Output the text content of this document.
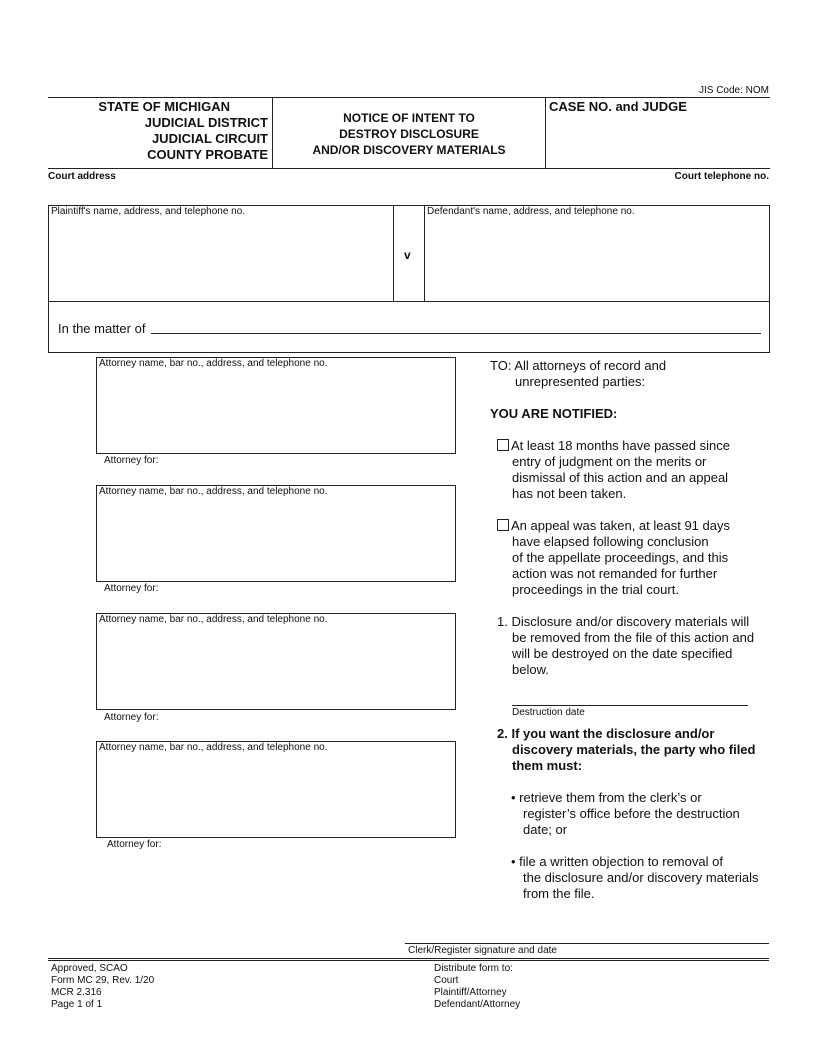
JIS Code: NOM
STATE OF MICHIGAN
JUDICIAL DISTRICT
JUDICIAL CIRCUIT
COUNTY PROBATE
NOTICE OF INTENT TO
DESTROY DISCLOSURE
AND/OR DISCOVERY MATERIALS
CASE NO. and JUDGE
Court address	Court telephone no.
Plaintiff's name, address, and telephone no.
v
Defendant's name, address, and telephone no.
In the matter of
Attorney name, bar no., address, and telephone no.
Attorney for:
Attorney name, bar no., address, and telephone no.
Attorney for:
Attorney name, bar no., address, and telephone no.
Attorney for:
Attorney name, bar no., address, and telephone no.
Attorney for:
TO: All attorneys of record and
unrepresented parties:
YOU ARE NOTIFIED:
At least 18 months have passed since
entry of judgment on the merits or
dismissal of this action and an appeal
has not been taken.
An appeal was taken, at least 91 days
have elapsed following conclusion
of the appellate proceedings, and this
action was not remanded for further
proceedings in the trial court.
1. Disclosure and/or discovery materials will
be removed from the file of this action and
will be destroyed on the date specified
below.
Destruction date
2. If you want the disclosure and/or
discovery materials, the party who filed
them must:
• retrieve them from the clerk’s or
register’s office before the destruction
date; or
• file a written objection to removal of
the disclosure and/or discovery materials
from the file.
Clerk/Register signature and date
Approved, SCAO
Form MC 29, Rev. 1/20
MCR 2.316
Page 1 of 1
Distribute form to:
Court
Plaintiff/Attorney
Defendant/Attorney
